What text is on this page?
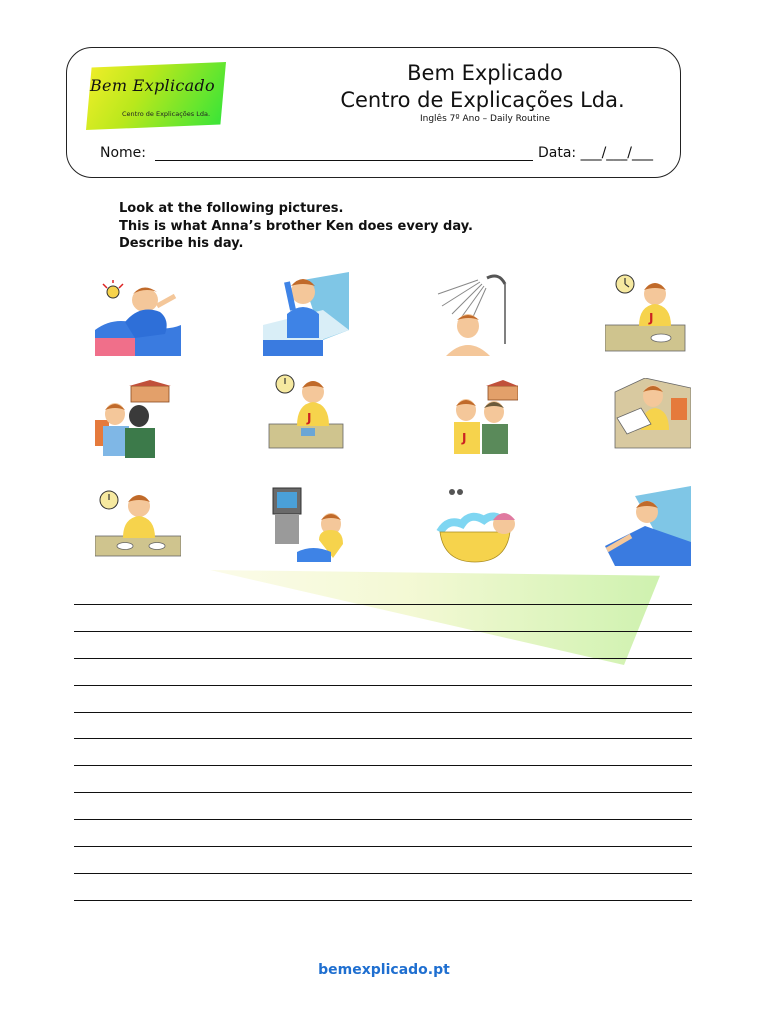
Bem Explicado
Centro de Explicações Lda.
Bem Explicado
Centro de Explicações Lda.
Inglês 7º Ano – Daily Routine
Nome:	Data: ___/___/___
Look at the following pictures.
This is what Anna’s brother Ken does every day.
Describe his day.
J
J
J
bemexplicado.pt
